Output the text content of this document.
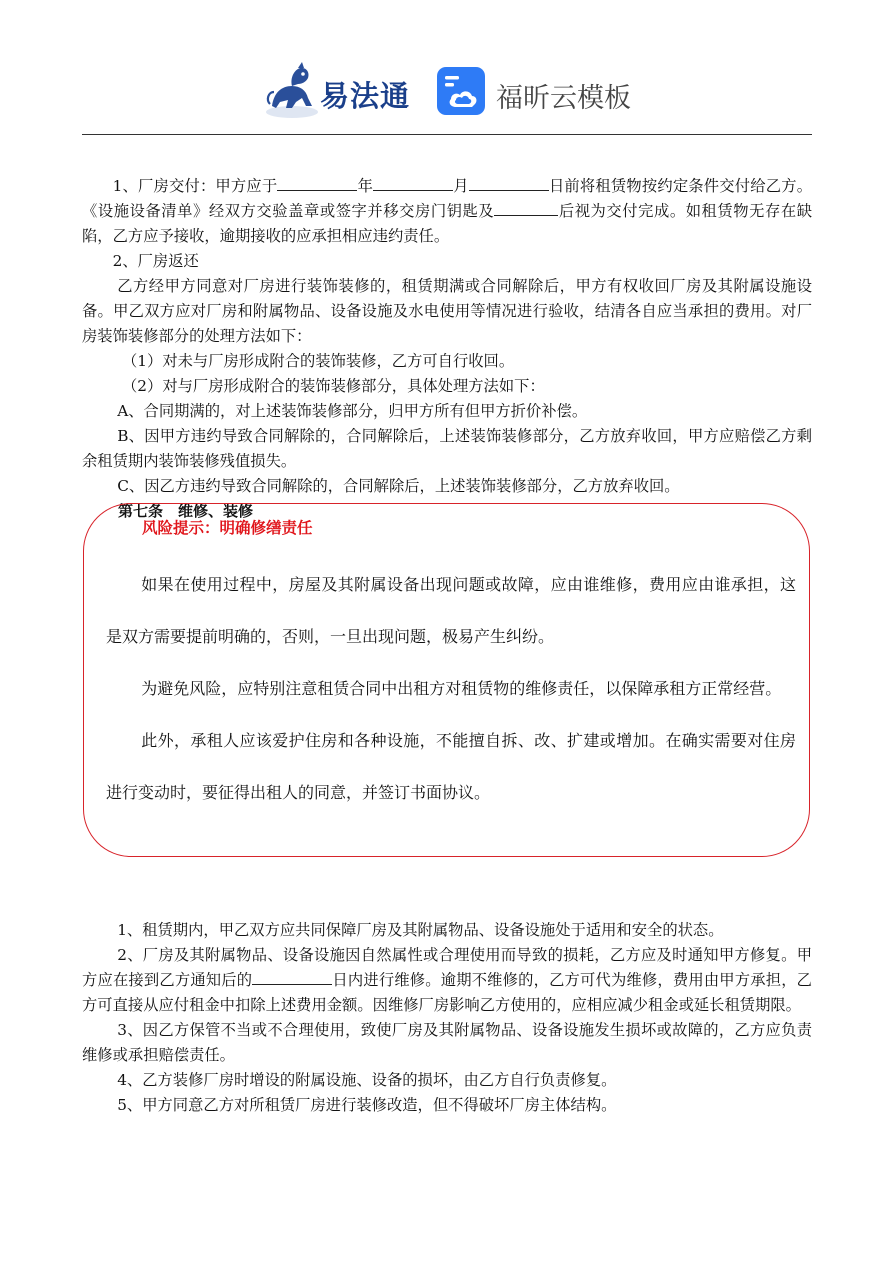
易法通	福昕云模板

1、厂房交付：甲方应于	年	月	日前将租赁物按约定条件交付给乙方。《设施设备清单》经双方交验盖章或签字并移交房门钥匙及	后视为交付完成。如租赁物无存在缺陷，乙方应予接收，逾期接收的应承担相应违约责任。

2、厂房返还

乙方经甲方同意对厂房进行装饰装修的，租赁期满或合同解除后，甲方有权收回厂房及其附属设施设备。甲乙双方应对厂房和附属物品、设备设施及水电使用等情况进行验收，结清各自应当承担的费用。对厂房装饰装修部分的处理方法如下：

（1）对未与厂房形成附合的装饰装修，乙方可自行收回。

（2）对与厂房形成附合的装饰装修部分，具体处理方法如下：

A、合同期满的，对上述装饰装修部分，归甲方所有但甲方折价补偿。

B、因甲方违约导致合同解除的，合同解除后，上述装饰装修部分，乙方放弃收回，甲方应赔偿乙方剩余租赁期内装饰装修残值损失。

C、因乙方违约导致合同解除的，合同解除后，上述装饰装修部分，乙方放弃收回。

第七条　维修、装修
风险提示：明确修缮责任

如果在使用过程中，房屋及其附属设备出现问题或故障，应由谁维修，费用应由谁承担，这是双方需要提前明确的，否则，一旦出现问题，极易产生纠纷。

为避免风险，应特别注意租赁合同中出租方对租赁物的维修责任，以保障承租方正常经营。

此外，承租人应该爱护住房和各种设施，不能擅自拆、改、扩建或增加。在确实需要对住房进行变动时，要征得出租人的同意，并签订书面协议。

1、租赁期内，甲乙双方应共同保障厂房及其附属物品、设备设施处于适用和安全的状态。

2、厂房及其附属物品、设备设施因自然属性或合理使用而导致的损耗，乙方应及时通知甲方修复。甲方应在接到乙方通知后的	日内进行维修。逾期不维修的，乙方可代为维修，费用由甲方承担，乙方可直接从应付租金中扣除上述费用金额。因维修厂房影响乙方使用的，应相应减少租金或延长租赁期限。

3、因乙方保管不当或不合理使用，致使厂房及其附属物品、设备设施发生损坏或故障的，乙方应负责维修或承担赔偿责任。

4、乙方装修厂房时增设的附属设施、设备的损坏，由乙方自行负责修复。

5、甲方同意乙方对所租赁厂房进行装修改造，但不得破坏厂房主体结构。
